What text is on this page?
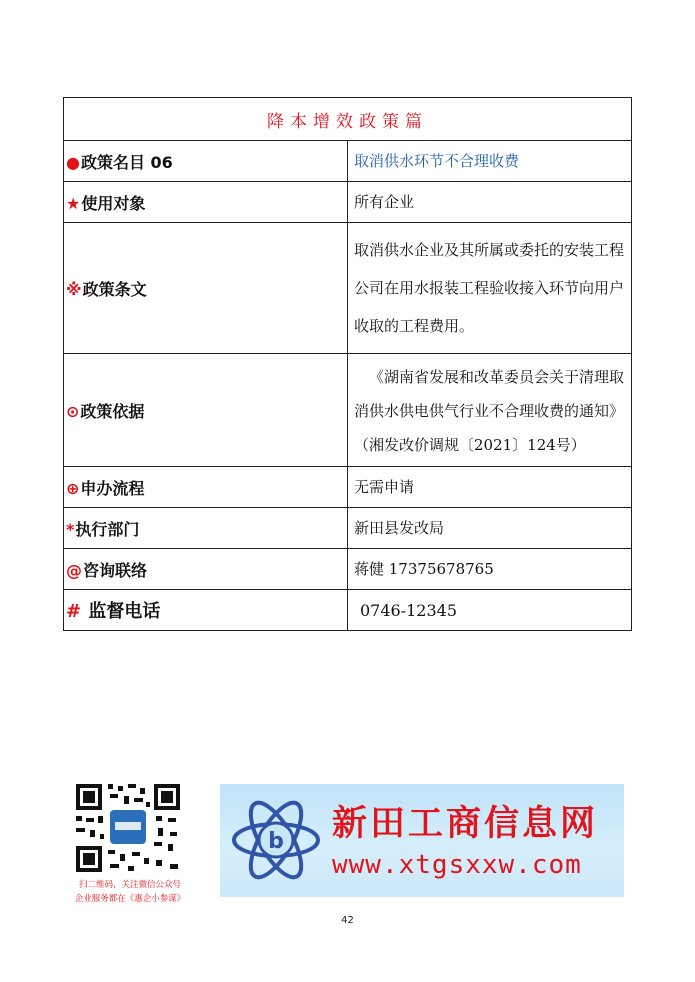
降本增效政策篇	
●政策名目 06	取消供水环节不合理收费
★使用对象	所有企业
※政策条文	取消供水企业及其所属或委托的安装工程公司在用水报装工程验收接入环节向用户收取的工程费用。
⊙政策依据	《湖南省发展和改革委员会关于清理取消供水供电供气行业不合理收费的通知》（湘发改价调规〔2021〕124号）
⊕申办流程	无需申请
*执行部门	新田县发改局
@咨询联络	蒋健 17375678765
# 监督电话	0746-12345
扫二维码，关注微信公众号
企业服务都在《惠企小参谋》
b 新田工商信息网
www.xtgsxxw.com
42
